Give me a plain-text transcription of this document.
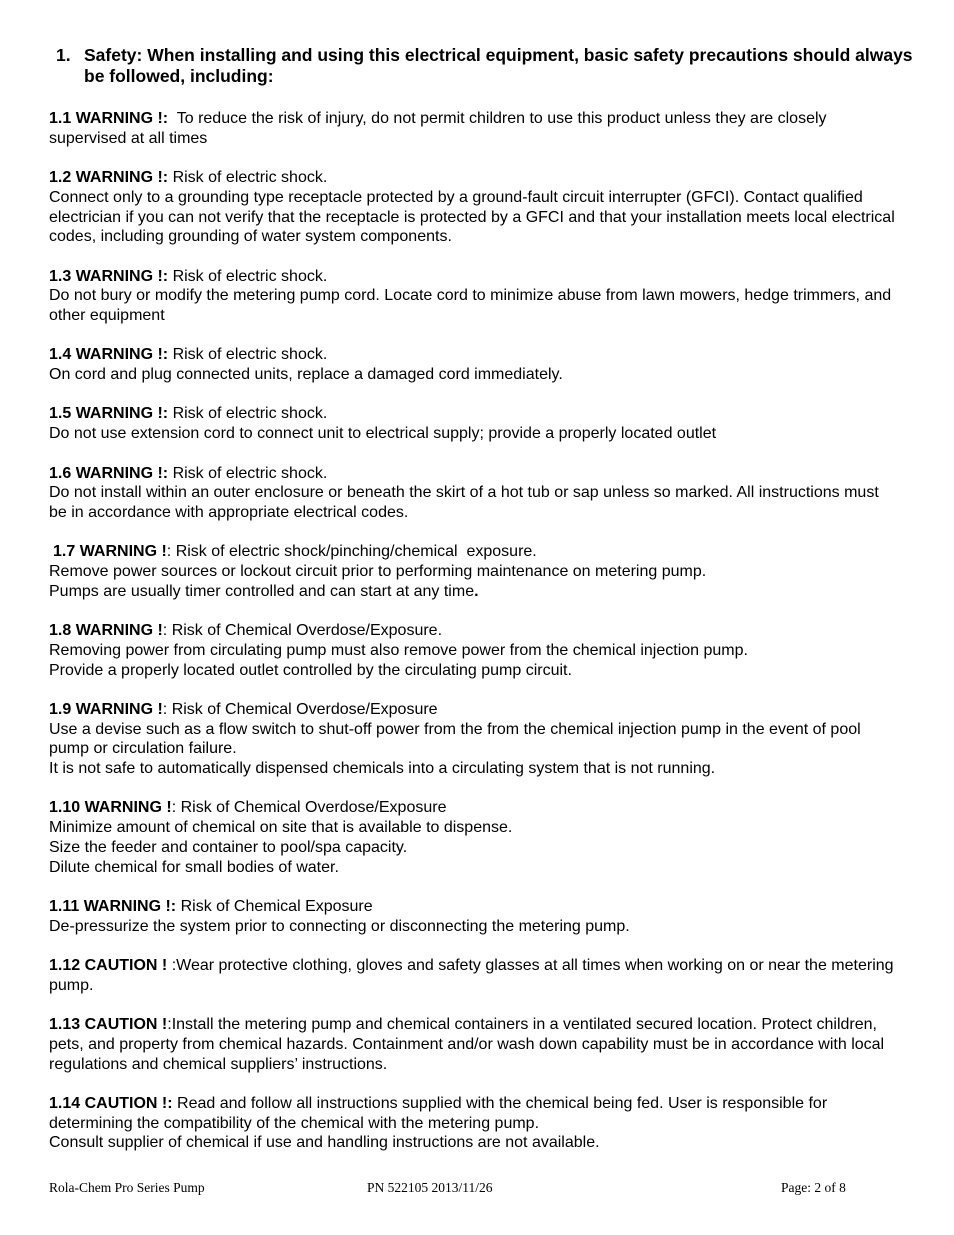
1. Safety: When installing and using this electrical equipment, basic safety precautions should always be followed, including:

1.1 WARNING !:  To reduce the risk of injury, do not permit children to use this product unless they are closely supervised at all times

1.2 WARNING !: Risk of electric shock.

Connect only to a grounding type receptacle protected by a ground-fault circuit interrupter (GFCI). Contact qualified electrician if you can not verify that the receptacle is protected by a GFCI and that your installation meets local electrical codes, including grounding of water system components.

1.3 WARNING !: Risk of electric shock.

Do not bury or modify the metering pump cord. Locate cord to minimize abuse from lawn mowers, hedge trimmers, and other equipment

1.4 WARNING !: Risk of electric shock.

On cord and plug connected units, replace a damaged cord immediately.

1.5 WARNING !: Risk of electric shock.

Do not use extension cord to connect unit to electrical supply; provide a properly located outlet

1.6 WARNING !: Risk of electric shock.

Do not install within an outer enclosure or beneath the skirt of a hot tub or sap unless so marked. All instructions must be in accordance with appropriate electrical codes.

1.7 WARNING !: Risk of electric shock/pinching/chemical  exposure.

Remove power sources or lockout circuit prior to performing maintenance on metering pump.

Pumps are usually timer controlled and can start at any time.

1.8 WARNING !: Risk of Chemical Overdose/Exposure.

Removing power from circulating pump must also remove power from the chemical injection pump.

Provide a properly located outlet controlled by the circulating pump circuit.

1.9 WARNING !: Risk of Chemical Overdose/Exposure

Use a devise such as a flow switch to shut-off power from the from the chemical injection pump in the event of pool pump or circulation failure.

It is not safe to automatically dispensed chemicals into a circulating system that is not running.

1.10 WARNING !: Risk of Chemical Overdose/Exposure

Minimize amount of chemical on site that is available to dispense.

Size the feeder and container to pool/spa capacity.

Dilute chemical for small bodies of water.

1.11 WARNING !: Risk of Chemical Exposure

De-pressurize the system prior to connecting or disconnecting the metering pump.

1.12 CAUTION ! :Wear protective clothing, gloves and safety glasses at all times when working on or near the metering pump.

1.13 CAUTION !:Install the metering pump and chemical containers in a ventilated secured location. Protect children, pets, and property from chemical hazards. Containment and/or wash down capability must be in accordance with local regulations and chemical suppliers’ instructions.

1.14 CAUTION !: Read and follow all instructions supplied with the chemical being fed. User is responsible for determining the compatibility of the chemical with the metering pump.

Consult supplier of chemical if use and handling instructions are not available.

Rola-Chem Pro Series Pump	PN 522105 2013/11/26	Page: 2 of 8
